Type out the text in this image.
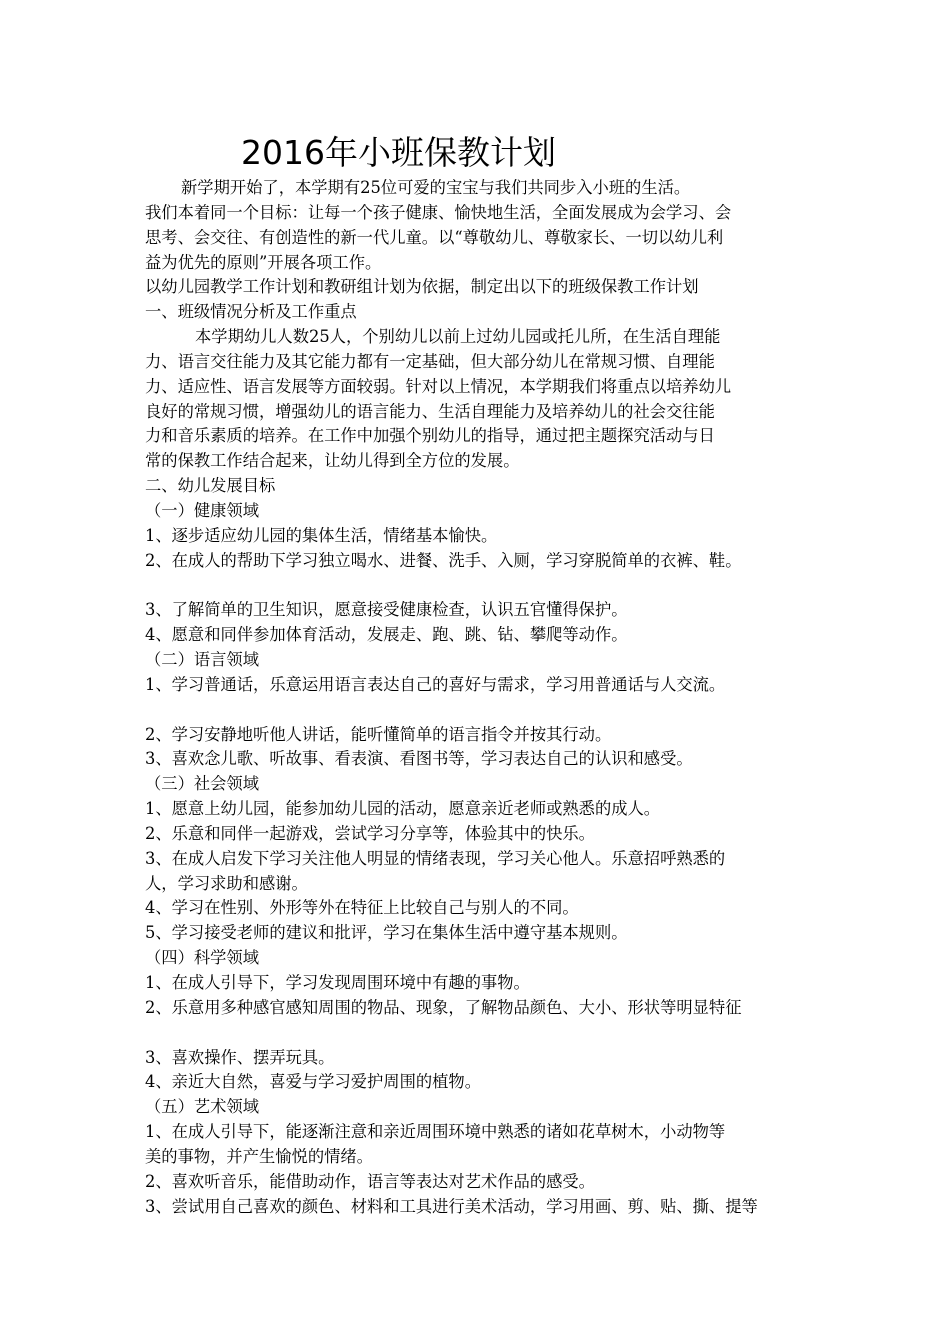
2016年小班保教计划
新学期开始了，本学期有25位可爱的宝宝与我们共同步入小班的生活。
我们本着同一个目标：让每一个孩子健康、愉快地生活，全面发展成为会学习、会
思考、会交往、有创造性的新一代儿童。以“尊敬幼儿、尊敬家长、一切以幼儿利
益为优先的原则”开展各项工作。
以幼儿园教学工作计划和教研组计划为依据，制定出以下的班级保教工作计划
一、班级情况分析及工作重点
本学期幼儿人数25人，个别幼儿以前上过幼儿园或托儿所，在生活自理能
力、语言交往能力及其它能力都有一定基础，但大部分幼儿在常规习惯、自理能
力、适应性、语言发展等方面较弱。针对以上情况，本学期我们将重点以培养幼儿
良好的常规习惯，增强幼儿的语言能力、生活自理能力及培养幼儿的社会交往能
力和音乐素质的培养。在工作中加强个别幼儿的指导，通过把主题探究活动与日
常的保教工作结合起来，让幼儿得到全方位的发展。
二、幼儿发展目标
（一）健康领域
1、逐步适应幼儿园的集体生活，情绪基本愉快。
2、在成人的帮助下学习独立喝水、进餐、洗手、入厕，学习穿脱简单的衣裤、鞋。
3、了解简单的卫生知识，愿意接受健康检查，认识五官懂得保护。
4、愿意和同伴参加体育活动，发展走、跑、跳、钻、攀爬等动作。
（二）语言领域
1、学习普通话，乐意运用语言表达自己的喜好与需求，学习用普通话与人交流。
2、学习安静地听他人讲话，能听懂简单的语言指令并按其行动。
3、喜欢念儿歌、听故事、看表演、看图书等，学习表达自己的认识和感受。
（三）社会领域
1、愿意上幼儿园，能参加幼儿园的活动，愿意亲近老师或熟悉的成人。
2、乐意和同伴一起游戏，尝试学习分享等，体验其中的快乐。
3、在成人启发下学习关注他人明显的情绪表现，学习关心他人。乐意招呼熟悉的
人，学习求助和感谢。
4、学习在性别、外形等外在特征上比较自己与别人的不同。
5、学习接受老师的建议和批评，学习在集体生活中遵守基本规则。
（四）科学领域
1、在成人引导下，学习发现周围环境中有趣的事物。
2、乐意用多种感官感知周围的物品、现象，了解物品颜色、大小、形状等明显特征
3、喜欢操作、摆弄玩具。
4、亲近大自然，喜爱与学习爱护周围的植物。
（五）艺术领域
1、在成人引导下，能逐渐注意和亲近周围环境中熟悉的诸如花草树木，小动物等
美的事物，并产生愉悦的情绪。
2、喜欢听音乐，能借助动作，语言等表达对艺术作品的感受。
3、尝试用自己喜欢的颜色、材料和工具进行美术活动，学习用画、剪、贴、撕、提等
